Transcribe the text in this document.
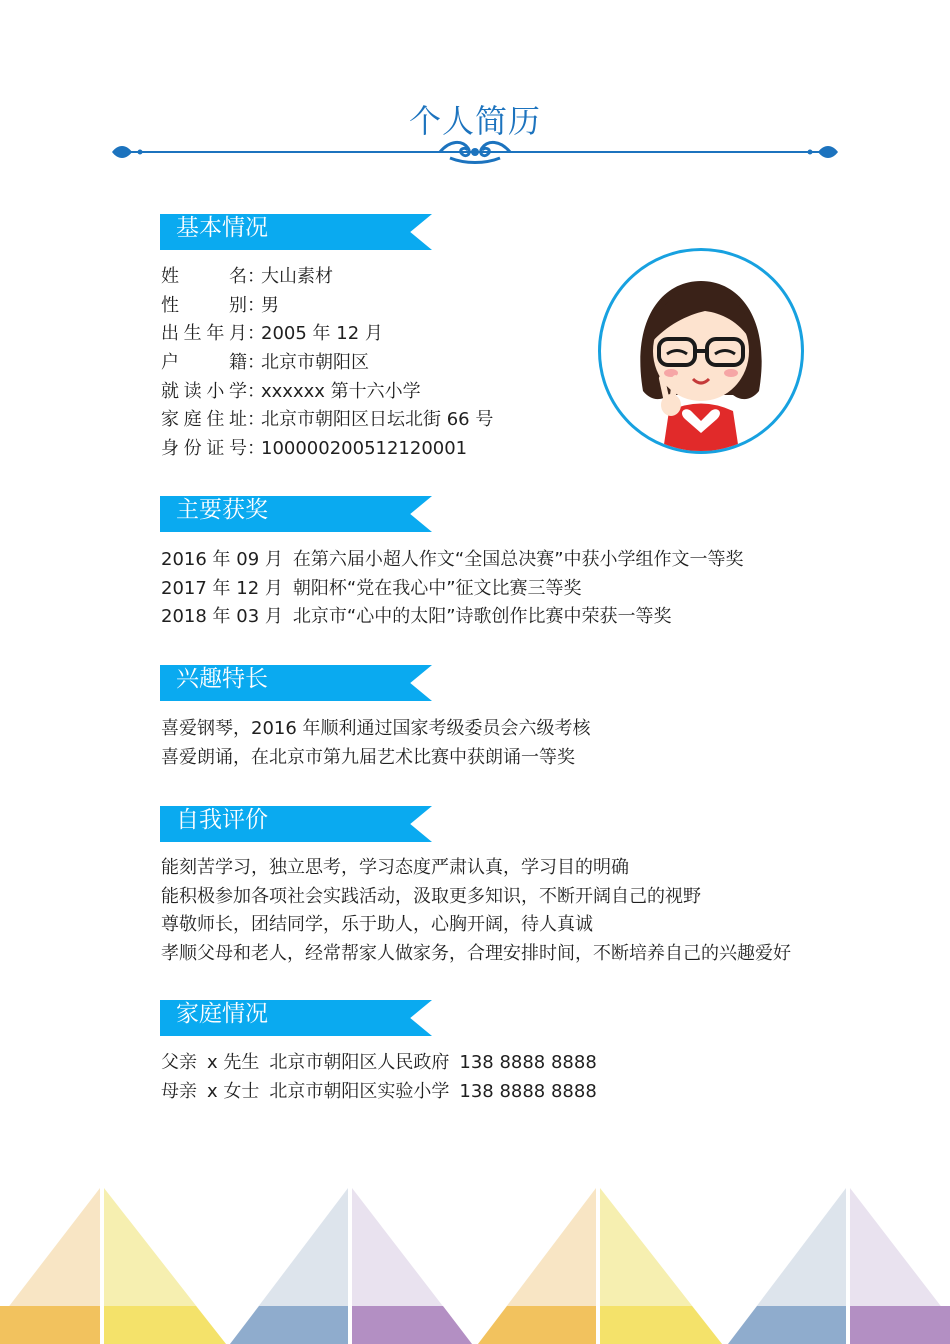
个人简历
基本情况
姓名：大山素材
性别：男
出生年月：2005 年 12 月
户籍：北京市朝阳区
就读小学：xxxxxx 第十六小学
家庭住址：北京市朝阳区日坛北街 66 号
身份证号：100000200512120001
主要获奖
2016 年 09 月 在第六届小超人作文“全国总决赛”中获小学组作文一等奖
2017 年 12 月 朝阳杯“党在我心中”征文比赛三等奖
2018 年 03 月 北京市“心中的太阳”诗歌创作比赛中荣获一等奖
兴趣特长
喜爱钢琴，2016 年顺利通过国家考级委员会六级考核
喜爱朗诵，在北京市第九届艺术比赛中获朗诵一等奖
自我评价
能刻苦学习，独立思考，学习态度严肃认真，学习目的明确
能积极参加各项社会实践活动，汲取更多知识，不断开阔自己的视野
尊敬师长，团结同学，乐于助人，心胸开阔，待人真诚
孝顺父母和老人，经常帮家人做家务，合理安排时间，不断培养自己的兴趣爱好
家庭情况
父亲 x 先生 北京市朝阳区人民政府 138 8888 8888
母亲 x 女士 北京市朝阳区实验小学 138 8888 8888
